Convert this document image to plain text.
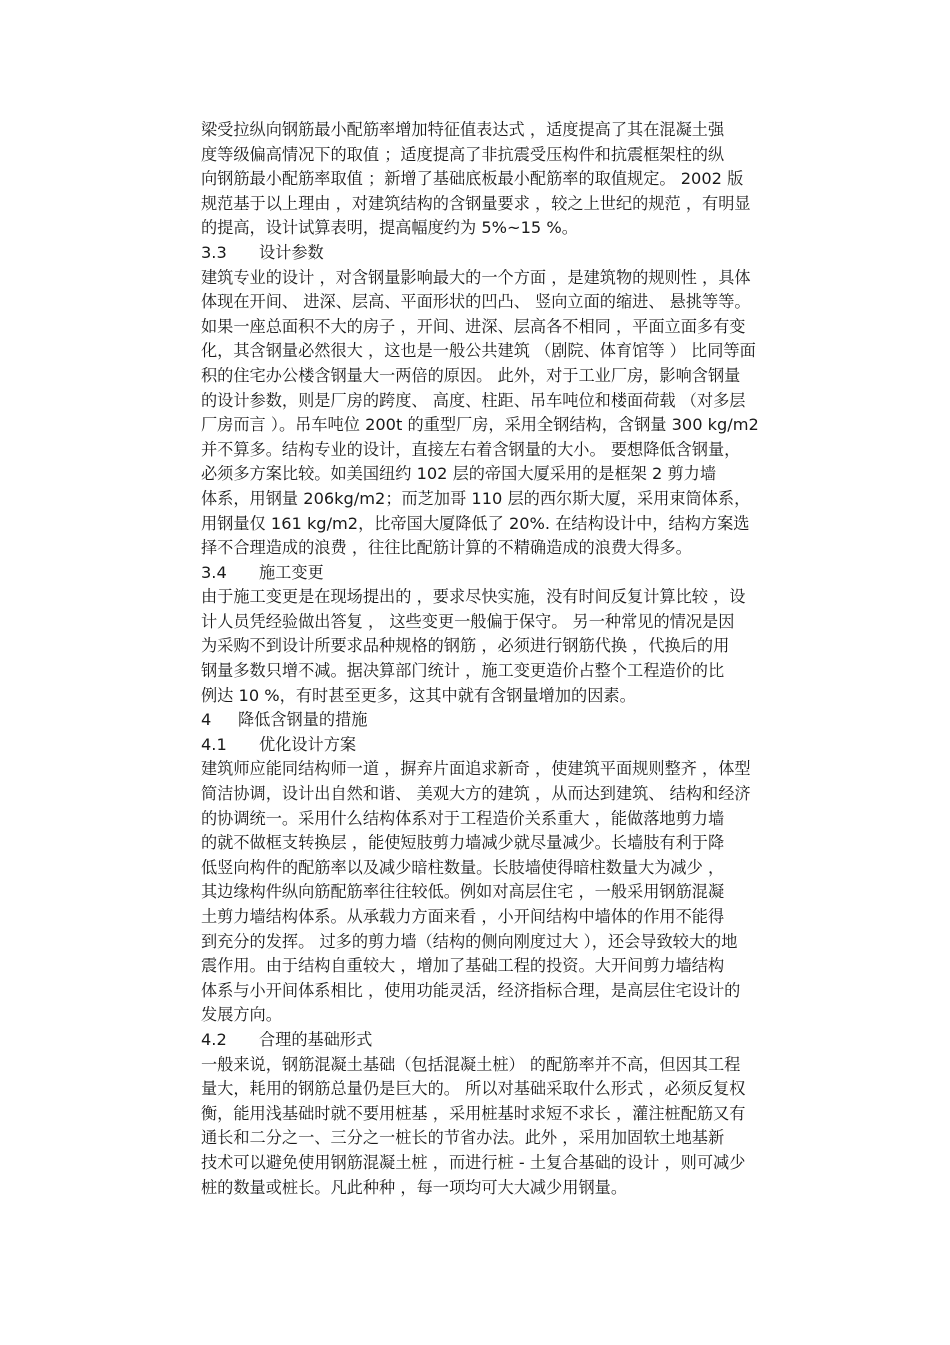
梁受拉纵向钢筋最小配筋率增加特征值表达式 ，适度提高了其在混凝土强
度等级偏高情况下的取值 ；适度提高了非抗震受压构件和抗震框架柱的纵
向钢筋最小配筋率取值 ；新增了基础底板最小配筋率的取值规定。 2002 版
规范基于以上理由 ，对建筑结构的含钢量要求 ，较之上世纪的规范 ，有明显
的提高，设计试算表明，提高幅度约为 5%~15 %。
3.3 设计参数
建筑专业的设计 ，对含钢量影响最大的一个方面 ，是建筑物的规则性 ，具体
体现在开间、 进深、层高、平面形状的凹凸、 竖向立面的缩进、 悬挑等等。
如果一座总面积不大的房子 ，开间、进深、层高各不相同 ，平面立面多有变
化，其含钢量必然很大 ，这也是一般公共建筑 （剧院、体育馆等 ） 比同等面
积的住宅办公楼含钢量大一两倍的原因。 此外，对于工业厂房，影响含钢量
的设计参数，则是厂房的跨度、 高度、柱距、吊车吨位和楼面荷载 （对多层
厂房而言 ）。吊车吨位 200t 的重型厂房，采用全钢结构，含钢量 300 kg/m2
并不算多。结构专业的设计，直接左右着含钢量的大小。 要想降低含钢量，
必须多方案比较。如美国纽约 102 层的帝国大厦采用的是框架 2 剪力墙
体系，用钢量 206kg/m2；而芝加哥 110 层的西尔斯大厦，采用束筒体系，
用钢量仅 161 kg/m2，比帝国大厦降低了 20%. 在结构设计中，结构方案选
择不合理造成的浪费 ，往往比配筋计算的不精确造成的浪费大得多。
3.4 施工变更
由于施工变更是在现场提出的 ，要求尽快实施，没有时间反复计算比较 ，设
计人员凭经验做出答复 ， 这些变更一般偏于保守。 另一种常见的情况是因
为采购不到设计所要求品种规格的钢筋 ，必须进行钢筋代换 ，代换后的用
钢量多数只增不减。据决算部门统计 ，施工变更造价占整个工程造价的比
例达 10 %，有时甚至更多，这其中就有含钢量增加的因素。
4 降低含钢量的措施
4.1 优化设计方案
建筑师应能同结构师一道 ，摒弃片面追求新奇 ，使建筑平面规则整齐 ，体型
简洁协调，设计出自然和谐、 美观大方的建筑 ，从而达到建筑、 结构和经济
的协调统一。采用什么结构体系对于工程造价关系重大 ，能做落地剪力墙
的就不做框支转换层 ，能使短肢剪力墙减少就尽量减少。长墙肢有利于降
低竖向构件的配筋率以及减少暗柱数量。长肢墙使得暗柱数量大为减少 ，
其边缘构件纵向筋配筋率往往较低。例如对高层住宅 ，一般采用钢筋混凝
土剪力墙结构体系。从承载力方面来看 ，小开间结构中墙体的作用不能得
到充分的发挥。 过多的剪力墙（结构的侧向刚度过大 ），还会导致较大的地
震作用。由于结构自重较大 ，增加了基础工程的投资。大开间剪力墙结构
体系与小开间体系相比 ，使用功能灵活，经济指标合理，是高层住宅设计的
发展方向。
4.2 合理的基础形式
一般来说，钢筋混凝土基础（包括混凝土桩） 的配筋率并不高，但因其工程
量大，耗用的钢筋总量仍是巨大的。 所以对基础采取什么形式 ，必须反复权
衡，能用浅基础时就不要用桩基 ，采用桩基时求短不求长 ，灌注桩配筋又有
通长和二分之一、三分之一桩长的节省办法。此外 ，采用加固软土地基新
技术可以避免使用钢筋混凝土桩 ，而进行桩 - 土复合基础的设计 ，则可减少
桩的数量或桩长。凡此种种 ，每一项均可大大减少用钢量。
